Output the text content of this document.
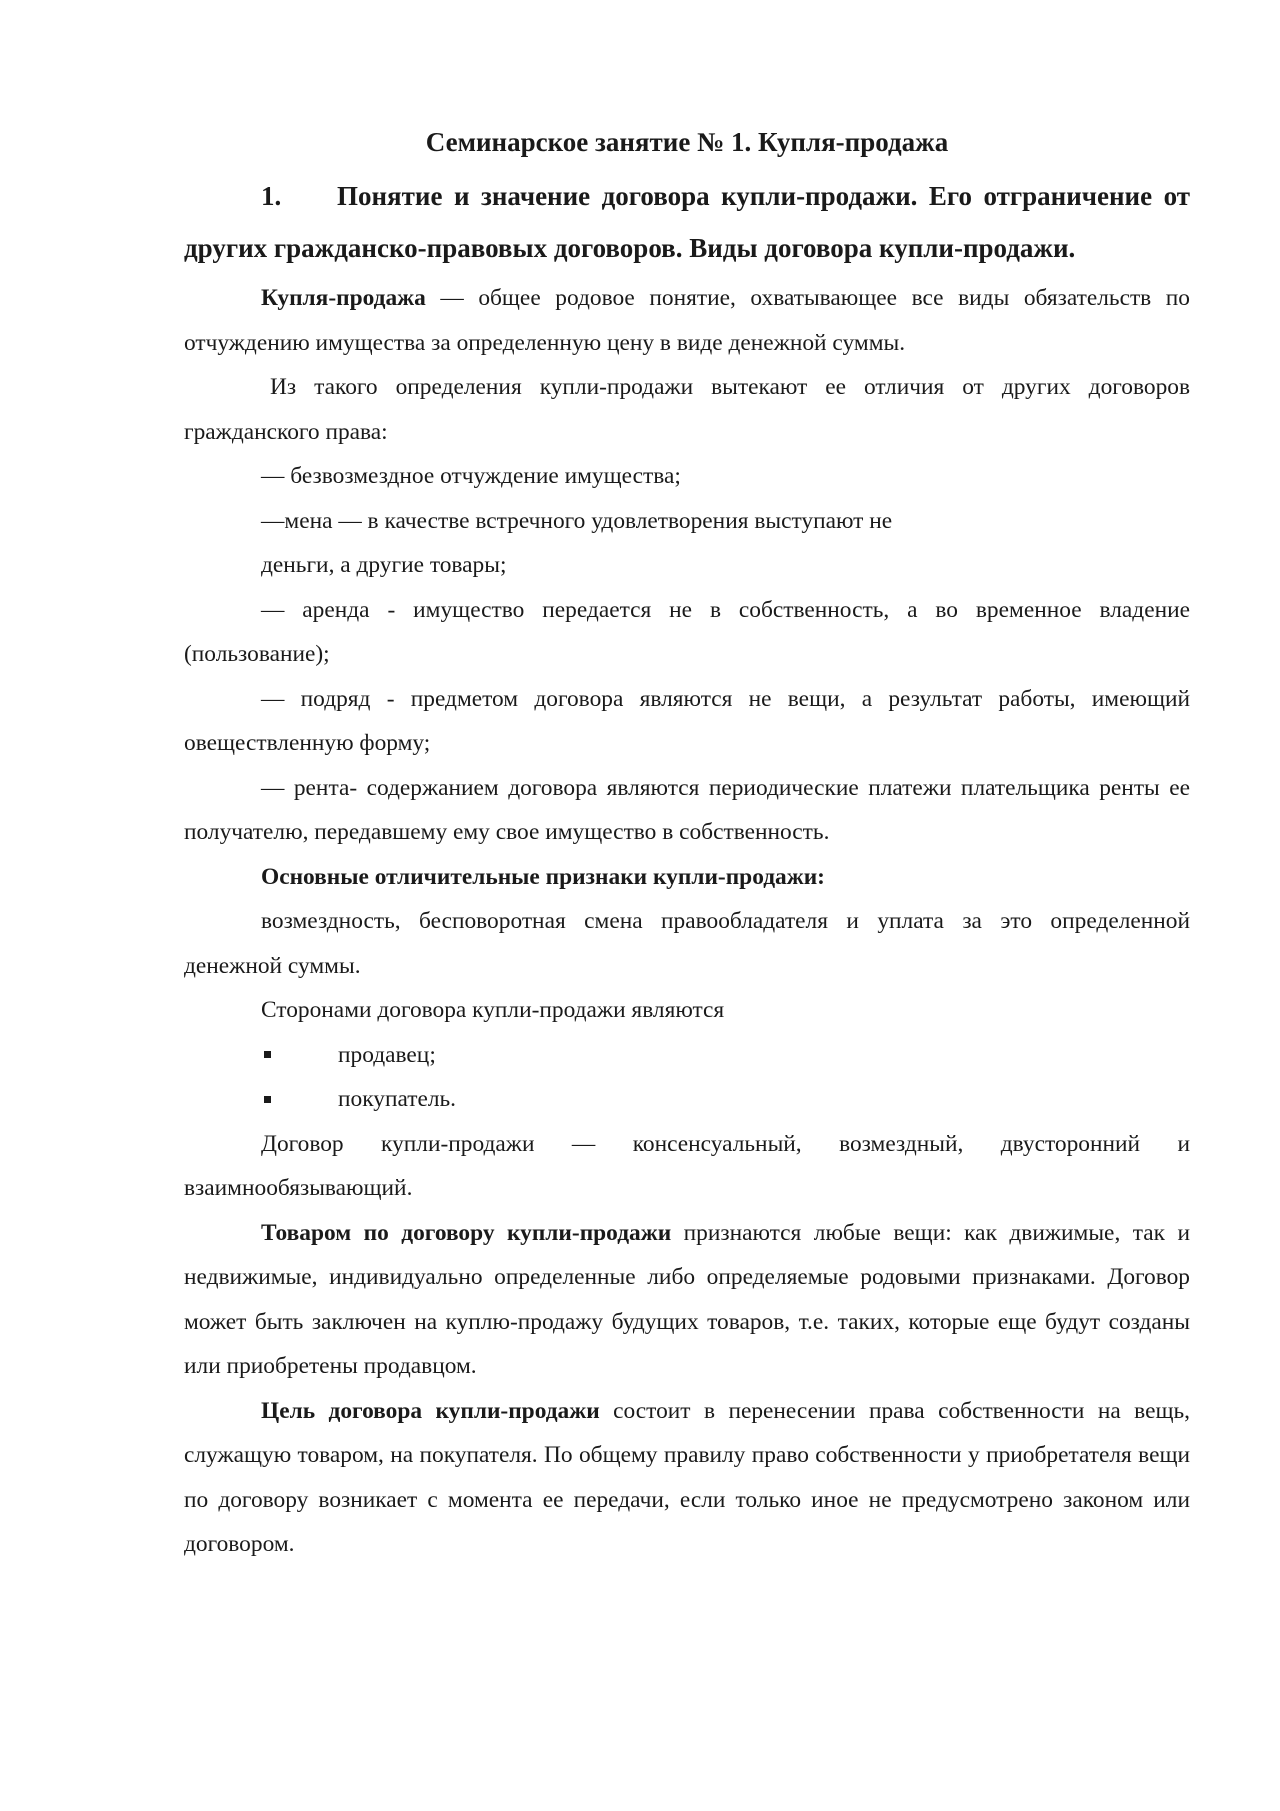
Семинарское занятие № 1. Купля-продажа
1. Понятие и значение договора купли-продажи. Его отграничение от других гражданско-правовых договоров. Виды договора купли-продажи.

Купля-продажа — общее родовое понятие, охватывающее все виды обязательств по отчуждению имущества за определенную цену в виде денежной суммы.

Из такого определения купли-продажи вытекают ее отличия от других договоров гражданского права:

— безвозмездное отчуждение имущества;

—мена — в качестве встречного удовлетворения выступают не

деньги, а другие товары;

— аренда - имущество передается не в собственность, а во временное владение (пользование);

— подряд - предметом договора являются не вещи, а результат работы, имеющий овеществленную форму;

— рента- содержанием договора являются периодические платежи плательщика ренты ее получателю, передавшему ему свое имущество в собственность.

Основные отличительные признаки купли-продажи:

возмездность, бесповоротная смена правообладателя и уплата за это определенной денежной суммы.

Сторонами договора купли-продажи являются

продавец;
покупатель.

Договор купли-продажи — консенсуальный, возмездный, двусторонний и взаимнообязывающий.

Товаром по договору купли-продажи признаются любые вещи: как движимые, так и недвижимые, индивидуально определенные либо определяемые родовыми признаками. Договор может быть заключен на куплю-продажу будущих товаров, т.е. таких, которые еще будут созданы или приобретены продавцом.

Цель договора купли-продажи состоит в перенесении права собственности на вещь, служащую товаром, на покупателя. По общему правилу право собственности у приобретателя вещи по договору возникает с момента ее передачи, если только иное не предусмотрено законом или договором.
